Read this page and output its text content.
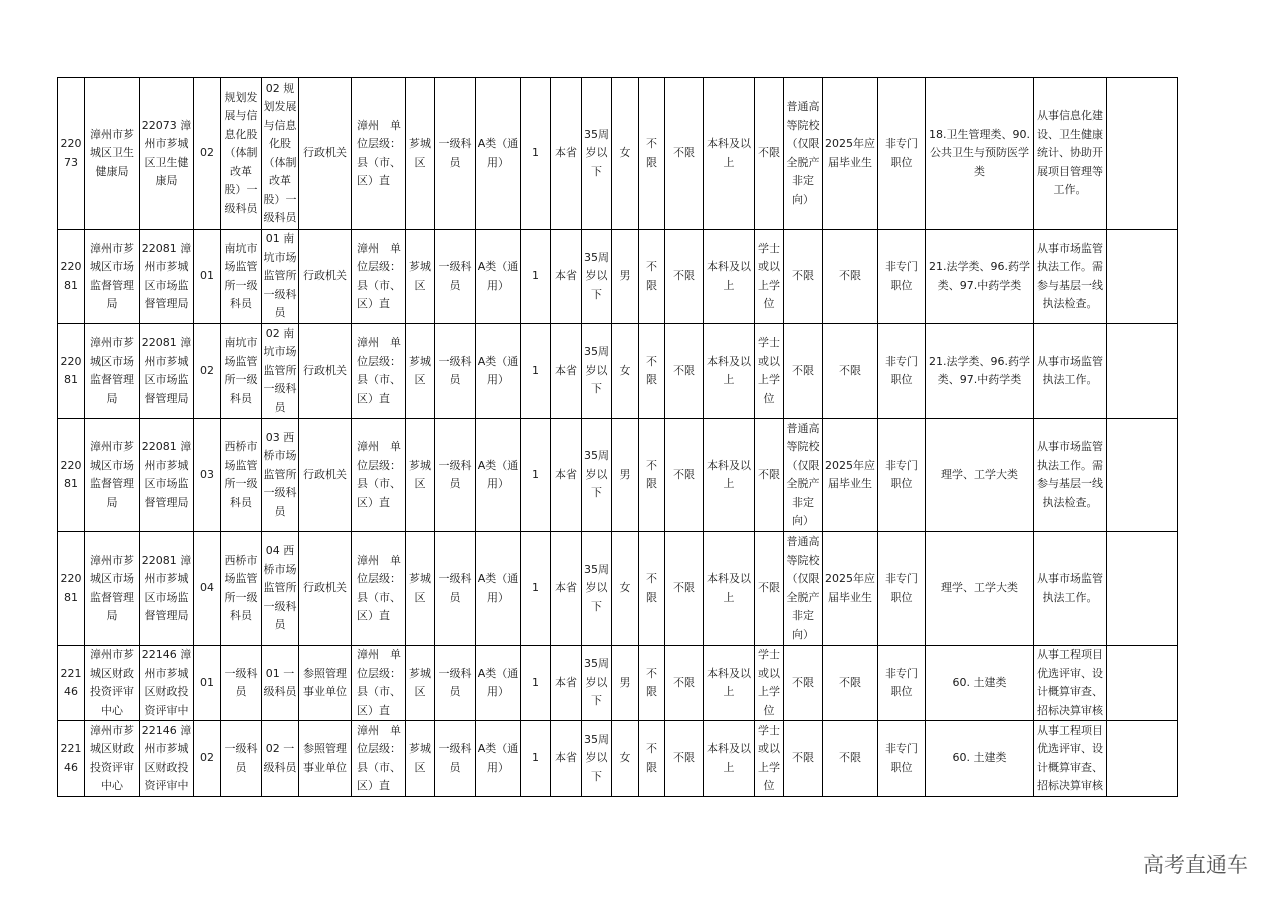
22073	漳州市芗城区卫生健康局	22073 漳州市芗城区卫生健康局	02	规划发展与信息化股（体制改革股）一级科员	02 规划发展与信息化股（体制改革股）一级科员	行政机关	漳州　单位层级：县（市、区）直	芗城区	一级科员	A类（通用）	1	本省	35周岁以下	女	不限	不限	本科及以上	不限	普通高等院校（仅限全脱产非定向）	2025年应届毕业生	非专门职位	18.卫生管理类、90.公共卫生与预防医学类	从事信息化建设、卫生健康统计、协助开展项目管理等工作。	
22081	漳州市芗城区市场监督管理局	22081 漳州市芗城区市场监督管理局	01	南坑市场监管所一级科员	01 南坑市场监管所一级科员	行政机关	漳州　单位层级：县（市、区）直	芗城区	一级科员	A类（通用）	1	本省	35周岁以下	男	不限	不限	本科及以上	学士或以上学位	不限	不限	非专门职位	21.法学类、96.药学类、97.中药学类	从事市场监管执法工作。需参与基层一线执法检查。	
22081	漳州市芗城区市场监督管理局	22081 漳州市芗城区市场监督管理局	02	南坑市场监管所一级科员	02 南坑市场监管所一级科员	行政机关	漳州　单位层级：县（市、区）直	芗城区	一级科员	A类（通用）	1	本省	35周岁以下	女	不限	不限	本科及以上	学士或以上学位	不限	不限	非专门职位	21.法学类、96.药学类、97.中药学类	从事市场监管执法工作。	
22081	漳州市芗城区市场监督管理局	22081 漳州市芗城区市场监督管理局	03	西桥市场监管所一级科员	03 西桥市场监管所一级科员	行政机关	漳州　单位层级：县（市、区）直	芗城区	一级科员	A类（通用）	1	本省	35周岁以下	男	不限	不限	本科及以上	不限	普通高等院校（仅限全脱产非定向）	2025年应届毕业生	非专门职位	理学、工学大类	从事市场监管执法工作。需参与基层一线执法检查。	
22081	漳州市芗城区市场监督管理局	22081 漳州市芗城区市场监督管理局	04	西桥市场监管所一级科员	04 西桥市场监管所一级科员	行政机关	漳州　单位层级：县（市、区）直	芗城区	一级科员	A类（通用）	1	本省	35周岁以下	女	不限	不限	本科及以上	不限	普通高等院校（仅限全脱产非定向）	2025年应届毕业生	非专门职位	理学、工学大类	从事市场监管执法工作。	
22146	漳州市芗城区财政投资评审中心	22146 漳州市芗城区财政投资评审中	01	一级科员	01 一级科员	参照管理事业单位	漳州　单位层级：县（市、区）直	芗城区	一级科员	A类（通用）	1	本省	35周岁以下	男	不限	不限	本科及以上	学士或以上学位	不限	不限	非专门职位	60. 土建类	从事工程项目优选评审、设计概算审查、招标决算审核	
22146	漳州市芗城区财政投资评审中心	22146 漳州市芗城区财政投资评审中	02	一级科员	02 一级科员	参照管理事业单位	漳州　单位层级：县（市、区）直	芗城区	一级科员	A类（通用）	1	本省	35周岁以下	女	不限	不限	本科及以上	学士或以上学位	不限	不限	非专门职位	60. 土建类	从事工程项目优选评审、设计概算审查、招标决算审核	
高考直通车
